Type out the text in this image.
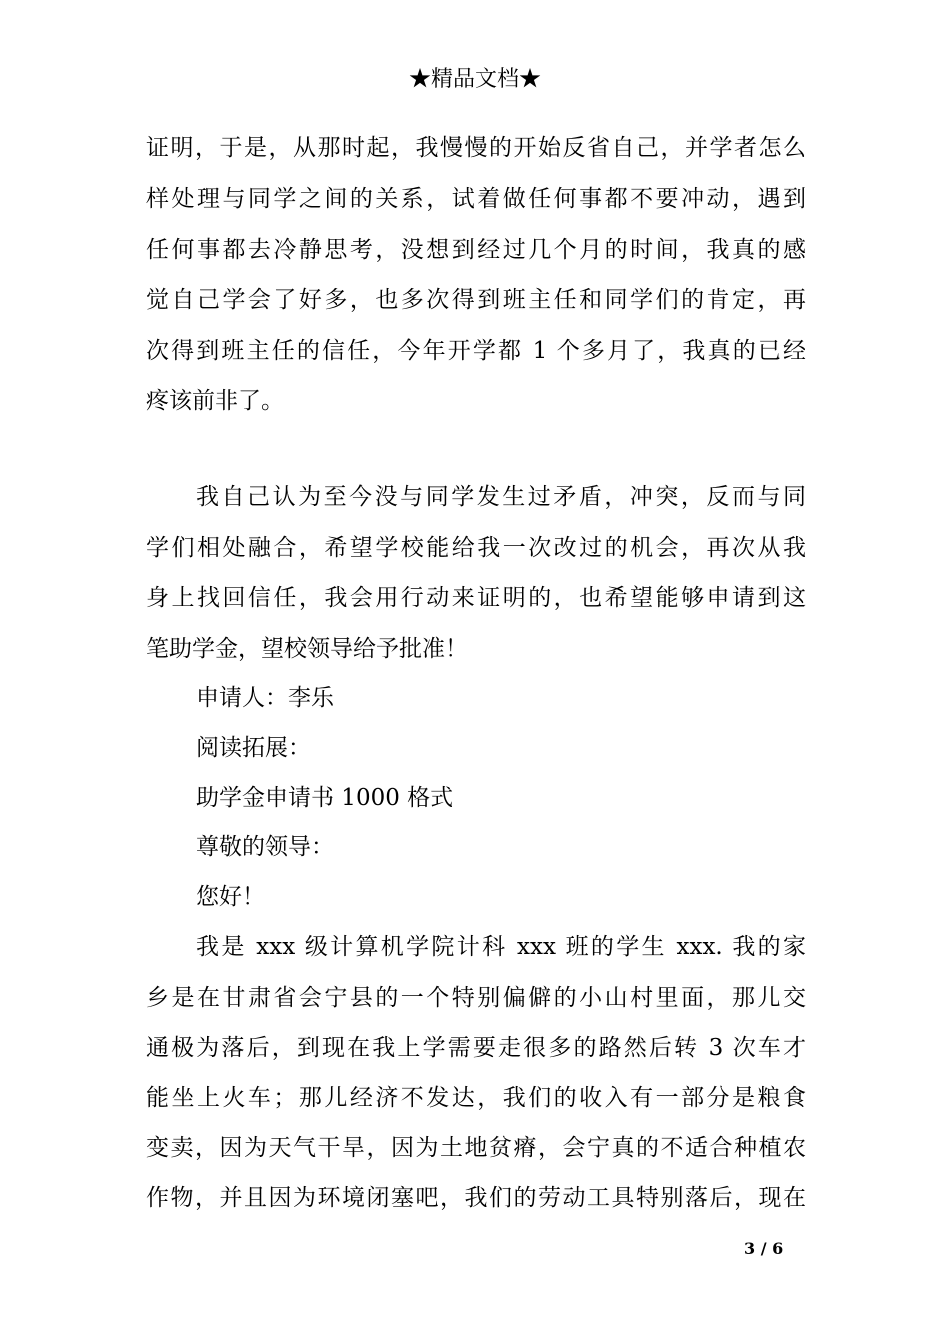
★精品文档★
证明，于是，从那时起，我慢慢的开始反省自己，并学者怎么
样处理与同学之间的关系，试着做任何事都不要冲动，遇到
任何事都去冷静思考，没想到经过几个月的时间，我真的感
觉自己学会了好多，也多次得到班主任和同学们的肯定，再
次得到班主任的信任，今年开学都 1 个多月了，我真的已经
疼该前非了。
我自己认为至今没与同学发生过矛盾，冲突，反而与同
学们相处融合，希望学校能给我一次改过的机会，再次从我
身上找回信任，我会用行动来证明的，也希望能够申请到这
笔助学金，望校领导给予批准！
申请人：李乐
阅读拓展：
助学金申请书 1000 格式
尊敬的领导：
您好！
我是 xxx 级计算机学院计科 xxx 班的学生 xxx. 我的家
乡是在甘肃省会宁县的一个特别偏僻的小山村里面，那儿交
通极为落后，到现在我上学需要走很多的路然后转 3 次车才
能坐上火车；那儿经济不发达，我们的收入有一部分是粮食
变卖，因为天气干旱，因为土地贫瘠，会宁真的不适合种植农
作物，并且因为环境闭塞吧，我们的劳动工具特别落后，现在
3 / 6
